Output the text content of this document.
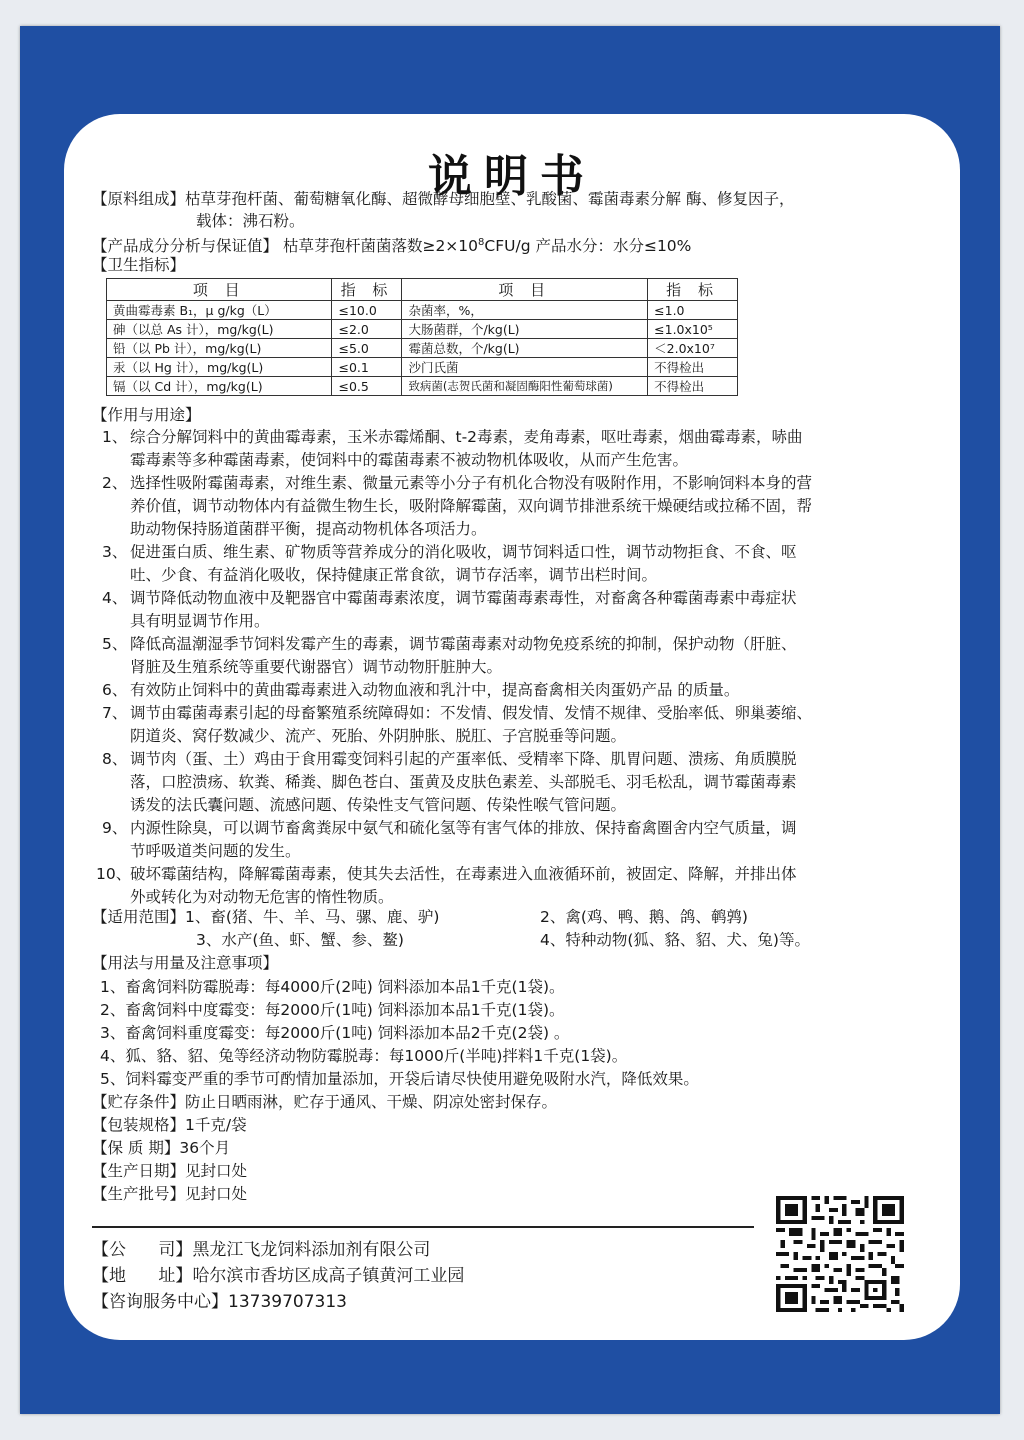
说明书
【原料组成】枯草芽孢杆菌、葡萄糖氧化酶、超微酵母细胞壁、乳酸菌、霉菌毒素分解 酶、修复因子，
载体：沸石粉。
【产品成分分析与保证值】 枯草芽孢杆菌菌落数$\ge 2\times 10^8CFU/g$ 产品水分：水分≤10%
【卫生指标】
项 目	指 标	项 目	指 标
黄曲霉毒素 B₁，μ g/kg（L）	≤10.0	杂菌率，%，	≤1.0
砷（以总 As 计），mg/kg(L)	≤2.0	大肠菌群，个/kg(L)	≤1.0x10⁵
铅（以 Pb 计），mg/kg(L)	≤5.0	霉菌总数，个/kg(L)	＜2.0x10⁷
汞（以 Hg 计），mg/kg(L)	≤0.1	沙门氏菌	不得检出
镉（以 Cd 计），mg/kg(L)	≤0.5	致病菌(志贺氏菌和凝固酶阳性葡萄球菌)	不得检出
【作用与用途】
1、 综合分解饲料中的黄曲霉毒素，玉米赤霉烯酮、t-2毒素，麦角毒素，呕吐毒素，烟曲霉毒素，哧曲
霉毒素等多种霉菌毒素，使饲料中的霉菌毒素不被动物机体吸收，从而产生危害。
2、 选择性吸附霉菌毒素，对维生素、微量元素等小分子有机化合物没有吸附作用，不影响饲料本身的营
养价值，调节动物体内有益微生物生长，吸附降解霉菌，双向调节排泄系统干燥硬结或拉稀不固，帮
助动物保持肠道菌群平衡，提高动物机体各项活力。
3、 促进蛋白质、维生素、矿物质等营养成分的消化吸收，调节饲料适口性，调节动物拒食、不食、呕
吐、少食、有益消化吸收，保持健康正常食欲，调节存活率，调节出栏时间。
4、 调节降低动物血液中及靶器官中霉菌毒素浓度，调节霉菌毒素毒性，对畜禽各种霉菌毒素中毒症状
具有明显调节作用。
5、 降低高温潮湿季节饲料发霉产生的毒素，调节霉菌毒素对动物免疫系统的抑制，保护动物（肝脏、
肾脏及生殖系统等重要代谢器官）调节动物肝脏肿大。
6、 有效防止饲料中的黄曲霉毒素进入动物血液和乳汁中，提高畜禽相关肉蛋奶产品 的质量。
7、 调节由霉菌毒素引起的母畜繁殖系统障碍如：不发情、假发情、发情不规律、受胎率低、卵巢萎缩、
阴道炎、窝仔数减少、流产、死胎、外阴肿胀、脱肛、子宫脱垂等问题。
8、 调节肉（蛋、土）鸡由于食用霉变饲料引起的产蛋率低、受精率下降、肌胃问题、溃疡、角质膜脱
落，口腔溃疡、软粪、稀粪、脚色苍白、蛋黄及皮肤色素差、头部脱毛、羽毛松乱，调节霉菌毒素
诱发的法氏囊问题、流感问题、传染性支气管问题、传染性喉气管问题。
9、 内源性除臭，可以调节畜禽粪尿中氨气和硫化氢等有害气体的排放、保持畜禽圈舍内空气质量，调
节呼吸道类问题的发生。
10、
破坏霉菌结构，降解霉菌毒素，使其失去活性，在毒素进入血液循环前，被固定、降解，并排出体
外或转化为对动物无危害的惰性物质。
【适用范围】1、畜(猪、牛、羊、马、骡、鹿、驴)	2、禽(鸡、鸭、鹅、鸽、鹌鹑)
3、水产(鱼、虾、蟹、参、鳌)	4、特种动物(狐、貉、貂、犬、兔)等。
【用法与用量及注意事项】
1、畜禽饲料防霉脱毒：每4000斤(2吨) 饲料添加本品1千克(1袋)。
2、畜禽饲料中度霉变：每2000斤(1吨) 饲料添加本品1千克(1袋)。
3、畜禽饲料重度霉变：每2000斤(1吨) 饲料添加本品2千克(2袋) 。
4、狐、貉、貂、兔等经济动物防霉脱毒：每1000斤(半吨)拌料1千克(1袋)。
5、饲料霉变严重的季节可酌情加量添加，开袋后请尽快使用避免吸附水汽，降低效果。
【贮存条件】防止日晒雨淋，贮存于通风、干燥、阴凉处密封保存。
【包装规格】1千克/袋
【保 质 期】36个月
【生产日期】见封口处
【生产批号】见封口处
【公      司】黑龙江飞龙饲料添加剂有限公司
【地      址】哈尔滨市香坊区成高子镇黄河工业园
【咨询服务中心】13739707313
